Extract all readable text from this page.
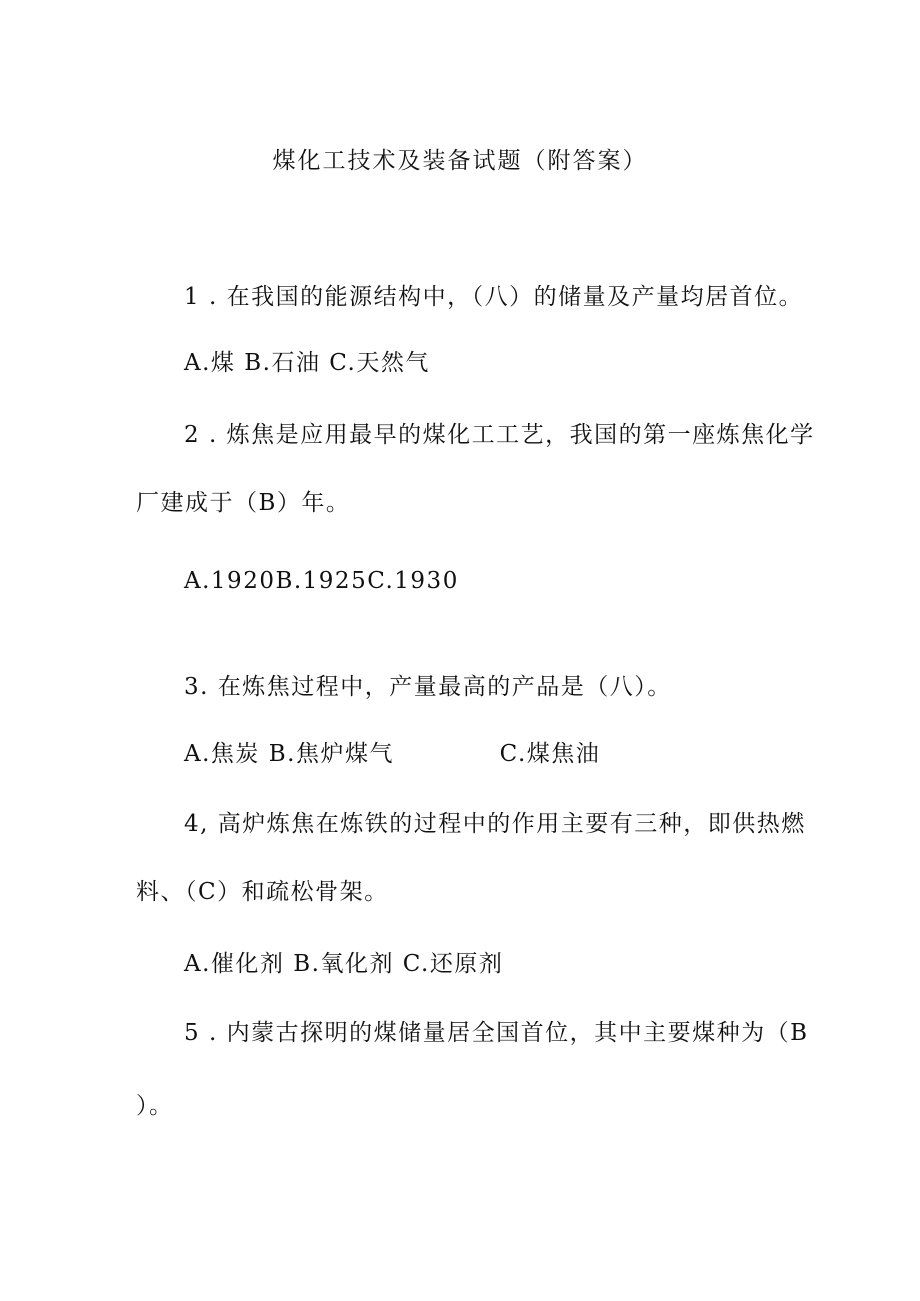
煤化工技术及装备试题（附答案）
1 . 在我国的能源结构中，（八）的储量及产量均居首位。
A.煤 B.石油 C.天然气
2 . 炼焦是应用最早的煤化工工艺，我国的第一座炼焦化学
厂建成于（B）年。
A.1920B.1925C.1930
3. 在炼焦过程中，产量最高的产品是（八）。
A.焦炭 B.焦炉煤气            C.煤焦油
4, 高炉炼焦在炼铁的过程中的作用主要有三种，即供热燃
料、（C）和疏松骨架。
A.催化剂 B.氧化剂 C.还原剂
5 . 内蒙古探明的煤储量居全国首位，其中主要煤种为（B
）。
